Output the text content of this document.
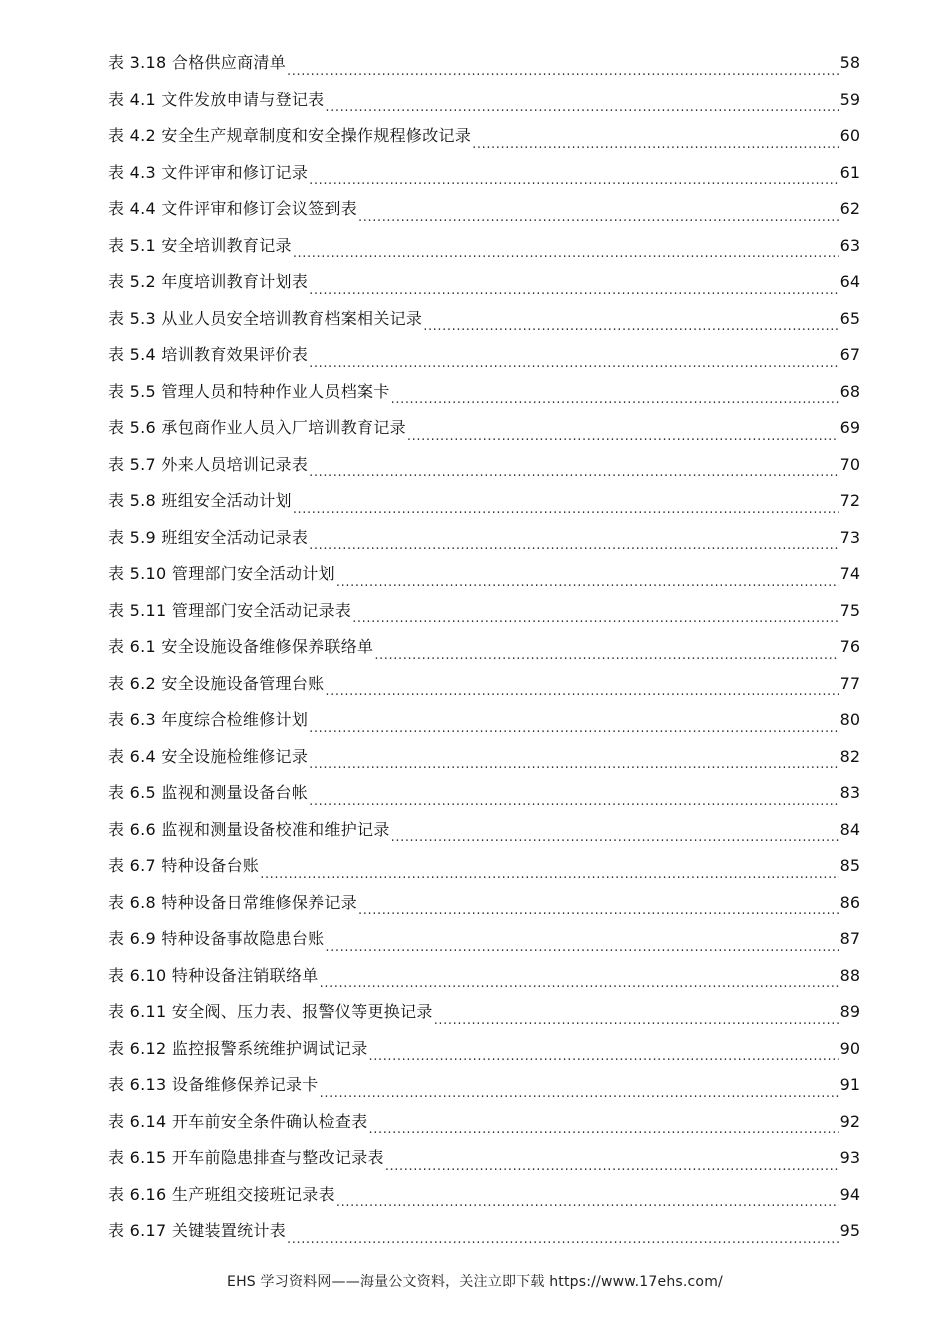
表 3.18 合格供应商清单 .....	58
表 4.1 文件发放申请与登记表 .....	59
表 4.2 安全生产规章制度和安全操作规程修改记录 .....	60
表 4.3 文件评审和修订记录 .....	61
表 4.4 文件评审和修订会议签到表 .....	62
表 5.1 安全培训教育记录 .....	63
表 5.2 年度培训教育计划表 .....	64
表 5.3 从业人员安全培训教育档案相关记录 .....	65
表 5.4 培训教育效果评价表 .....	67
表 5.5 管理人员和特种作业人员档案卡 .....	68
表 5.6 承包商作业人员入厂培训教育记录 .....	69
表 5.7 外来人员培训记录表 .....	70
表 5.8 班组安全活动计划 .....	72
表 5.9 班组安全活动记录表 .....	73
表 5.10 管理部门安全活动计划 .....	74
表 5.11 管理部门安全活动记录表 .....	75
表 6.1 安全设施设备维修保养联络单 .....	76
表 6.2 安全设施设备管理台账 .....	77
表 6.3 年度综合检维修计划 .....	80
表 6.4 安全设施检维修记录 .....	82
表 6.5 监视和测量设备台帐 .....	83
表 6.6 监视和测量设备校准和维护记录 .....	84
表 6.7 特种设备台账 .....	85
表 6.8 特种设备日常维修保养记录 .....	86
表 6.9 特种设备事故隐患台账 .....	87
表 6.10 特种设备注销联络单 .....	88
表 6.11 安全阀、压力表、报警仪等更换记录 .....	89
表 6.12 监控报警系统维护调试记录 .....	90
表 6.13 设备维修保养记录卡 .....	91
表 6.14 开车前安全条件确认检查表 .....	92
表 6.15 开车前隐患排查与整改记录表 .....	93
表 6.16 生产班组交接班记录表 .....	94
表 6.17 关键装置统计表 .....	95
EHS 学习资料网——海量公文资料，关注立即下载 https://www.17ehs.com/
